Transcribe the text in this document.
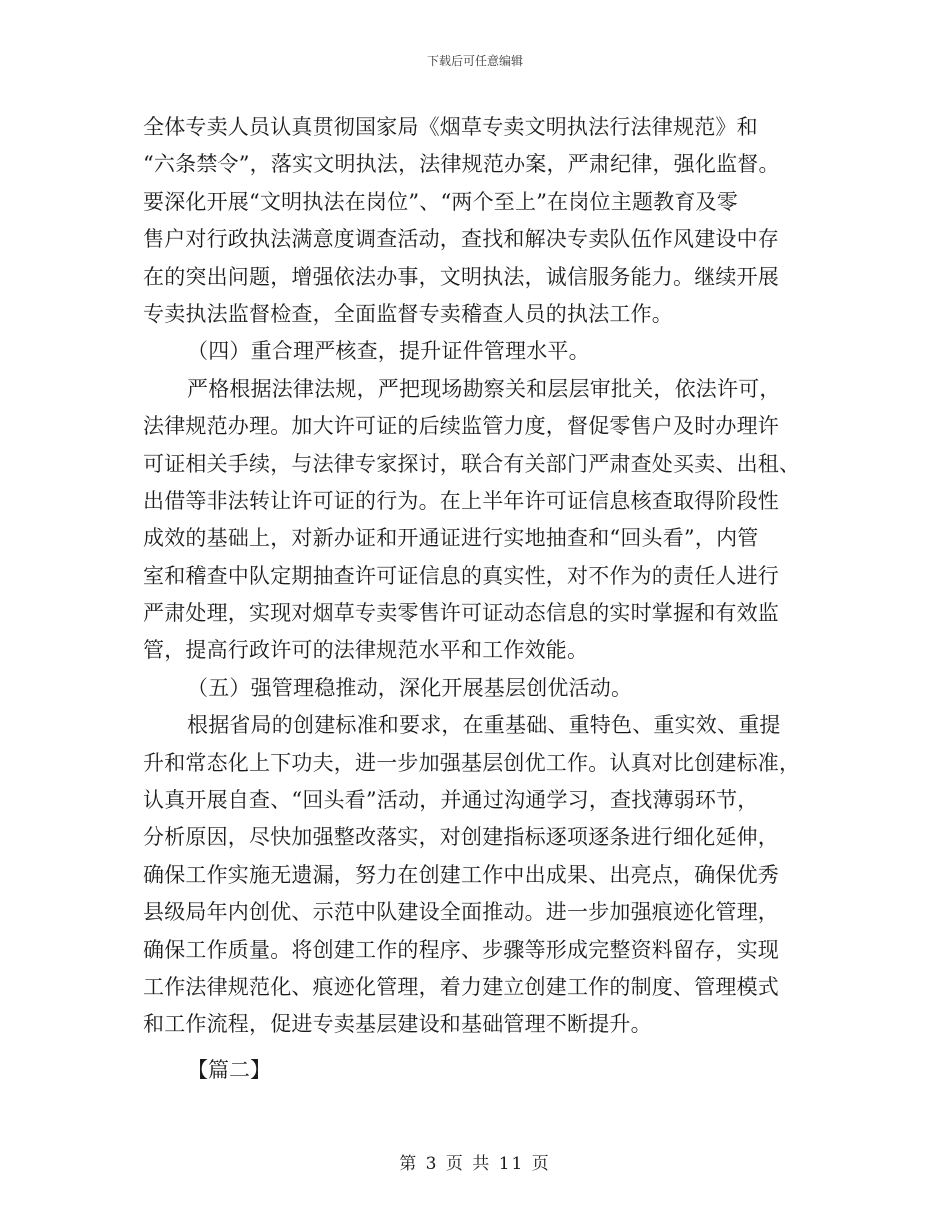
下载后可任意编辑
全体专卖人员认真贯彻国家局《烟草专卖文明执法行法律规范》和
“六条禁令”，落实文明执法，法律规范办案，严肃纪律，强化监督。
要深化开展“文明执法在岗位”、“两个至上”在岗位主题教育及零
售户对行政执法满意度调查活动，查找和解决专卖队伍作风建设中存
在的突出问题，增强依法办事，文明执法，诚信服务能力。继续开展
专卖执法监督检查，全面监督专卖稽查人员的执法工作。
（四）重合理严核查，提升证件管理水平。
严格根据法律法规，严把现场勘察关和层层审批关，依法许可，
法律规范办理。加大许可证的后续监管力度，督促零售户及时办理许
可证相关手续，与法律专家探讨，联合有关部门严肃查处买卖、出租、
出借等非法转让许可证的行为。在上半年许可证信息核查取得阶段性
成效的基础上，对新办证和开通证进行实地抽查和“回头看”，内管
室和稽查中队定期抽查许可证信息的真实性，对不作为的责任人进行
严肃处理，实现对烟草专卖零售许可证动态信息的实时掌握和有效监
管，提高行政许可的法律规范水平和工作效能。
（五）强管理稳推动，深化开展基层创优活动。
根据省局的创建标准和要求，在重基础、重特色、重实效、重提
升和常态化上下功夫，进一步加强基层创优工作。认真对比创建标准，
认真开展自查、“回头看”活动，并通过沟通学习，查找薄弱环节，
分析原因，尽快加强整改落实，对创建指标逐项逐条进行细化延伸，
确保工作实施无遗漏，努力在创建工作中出成果、出亮点，确保优秀
县级局年内创优、示范中队建设全面推动。进一步加强痕迹化管理，
确保工作质量。将创建工作的程序、步骤等形成完整资料留存，实现
工作法律规范化、痕迹化管理，着力建立创建工作的制度、管理模式
和工作流程，促进专卖基层建设和基础管理不断提升。
【篇二】
第 3 页 共 11 页
